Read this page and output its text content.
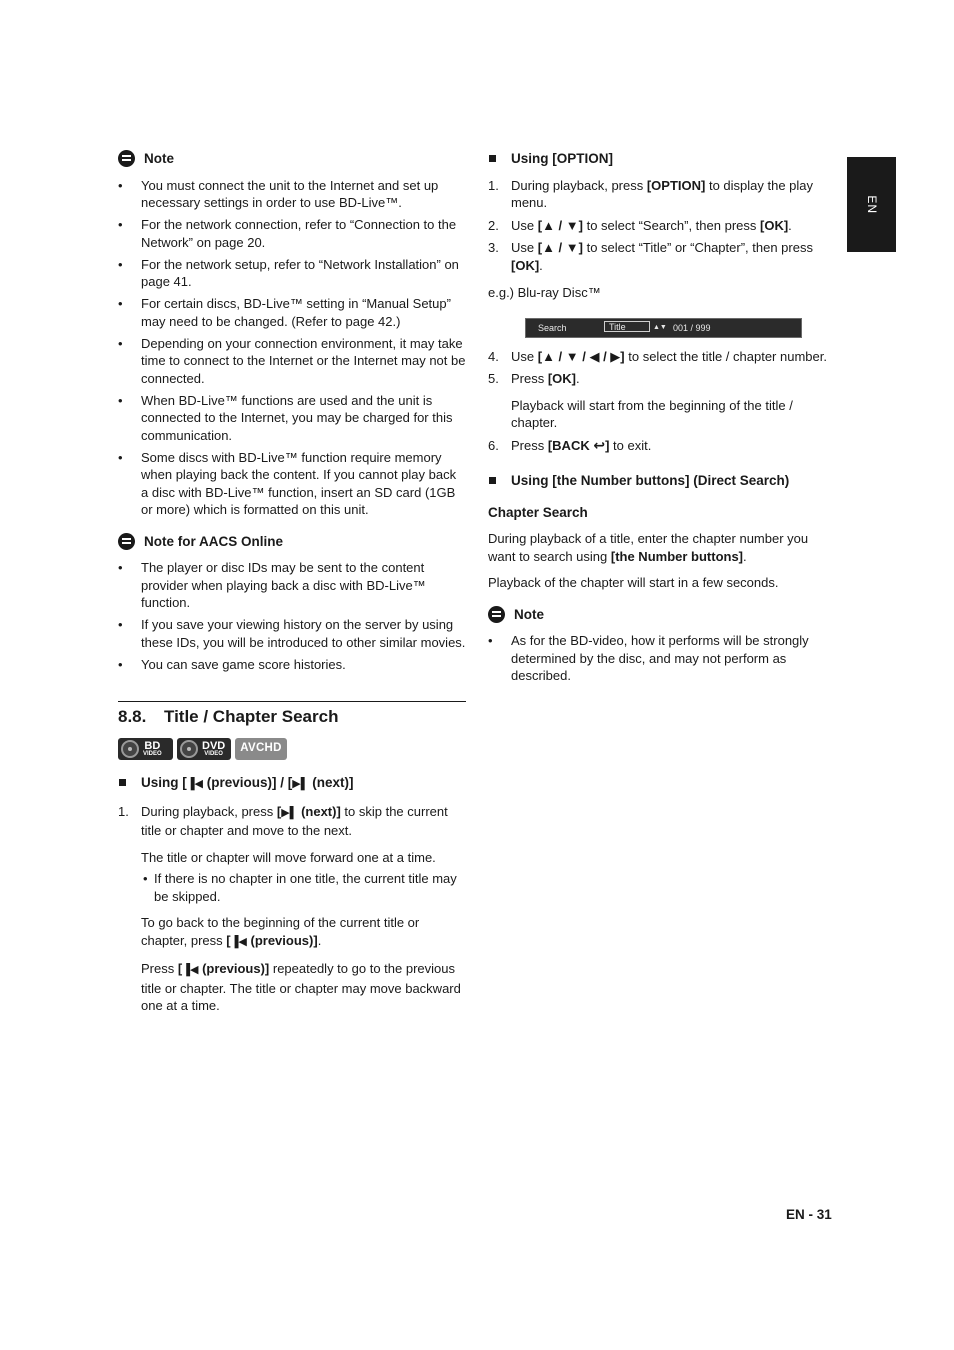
Note
• You must connect the unit to the Internet and set up necessary settings in order to use BD-Live™.
• For the network connection, refer to “Connection to the Network” on page 20.
• For the network setup, refer to “Network Installation” on page 41.
• For certain discs, BD-Live™ setting in “Manual Setup” may need to be changed. (Refer to page 42.)
• Depending on your connection environment, it may take time to connect to the Internet or the Internet may not be connected.
• When BD-Live™ functions are used and the unit is connected to the Internet, you may be charged for this communication.
• Some discs with BD-Live™ function require memory when playing back the content. If you cannot play back a disc with BD-Live™ function, insert an SD card (1GB or more) which is formatted on this unit.
Note for AACS Online
• The player or disc IDs may be sent to the content provider when playing back a disc with BD-Live™ function.
• If you save your viewing history on the server by using these IDs, you will be introduced to other similar movies.
• You can save game score histories.
8.8. Title / Chapter Search
BD
VIDEO
DVD
VIDEO	AVCHD
Using [▐◀ (previous)] / [▶▌ (next)]
1. During playback, press [▶▌ (next)] to skip the current title or chapter and move to the next.

The title or chapter will move forward one at a time.

• If there is no chapter in one title, the current title may be skipped.

To go back to the beginning of the current title or chapter, press [▐◀ (previous)].

Press [▐◀ (previous)] repeatedly to go to the previous title or chapter. The title or chapter may move backward one at a time.

Using [OPTION]
1. During playback, press [OPTION] to display the play menu.
2. Use [▲ / ▼] to select “Search”, then press [OK].
3. Use [▲ / ▼] to select “Title” or “Chapter”, then press [OK].

e.g.) Blu-ray Disc™

Search	Title	▲▼ 001 / 999
4. Use [▲ / ▼ / ◀ / ▶] to select the title / chapter number.
5. Press [OK].

Playback will start from the beginning of the title / chapter.

6. Press [BACK ↩] to exit.
Using [the Number buttons] (Direct Search)
Chapter Search

During playback of a title, enter the chapter number you want to search using [the Number buttons].

Playback of the chapter will start in a few seconds.

Note
• As for the BD-video, how it performs will be strongly determined by the disc, and may not perform as described.
EN
EN - 31
